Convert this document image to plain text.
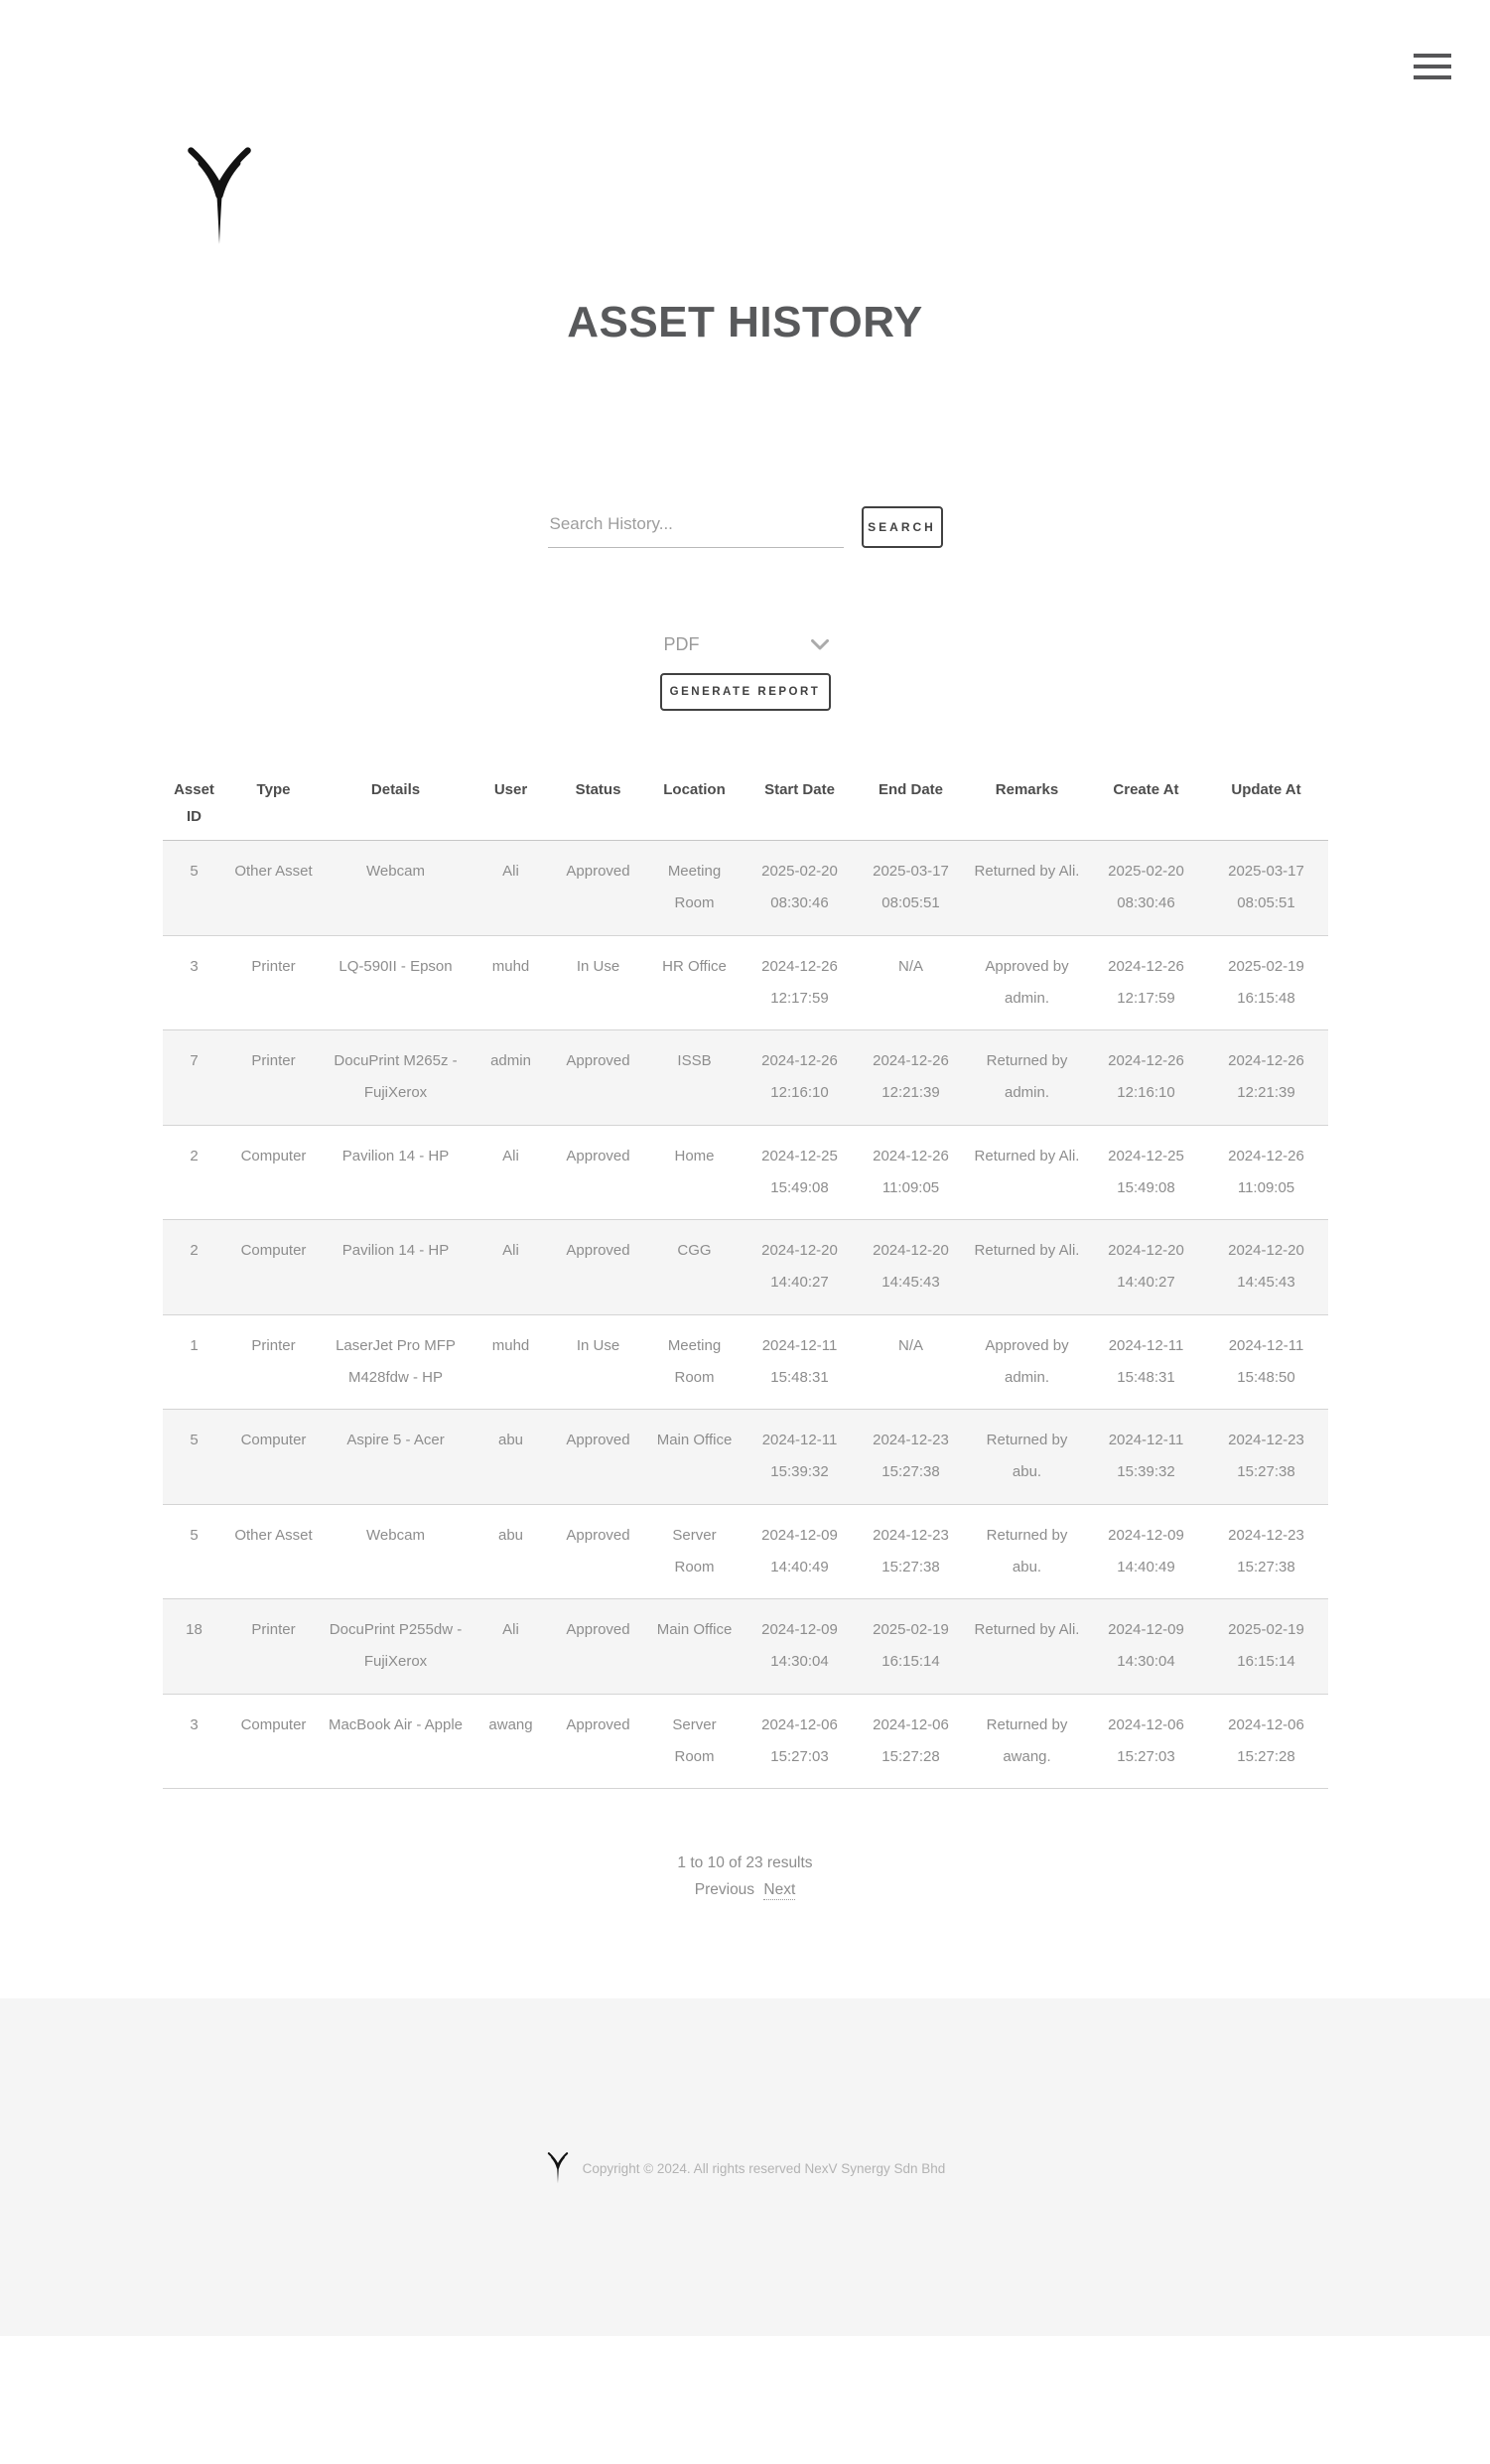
ASSET HISTORY
Search History...
SEARCH
PDF
GENERATE REPORT
Asset ID	Type	Details	User	Status	Location	Start Date	End Date	Remarks	Create At	Update At
5	Other Asset	Webcam	Ali	Approved	Meeting Room	2025-02-20 08:30:46	2025-03-17 08:05:51	Returned by Ali.	2025-02-20 08:30:46	2025-03-17 08:05:51
3	Printer	LQ-590II - Epson	muhd	In Use	HR Office	2024-12-26 12:17:59	N/A	Approved by admin.	2024-12-26 12:17:59	2025-02-19 16:15:48
7	Printer	DocuPrint M265z - FujiXerox	admin	Approved	ISSB	2024-12-26 12:16:10	2024-12-26 12:21:39	Returned by admin.	2024-12-26 12:16:10	2024-12-26 12:21:39
2	Computer	Pavilion 14 - HP	Ali	Approved	Home	2024-12-25 15:49:08	2024-12-26 11:09:05	Returned by Ali.	2024-12-25 15:49:08	2024-12-26 11:09:05
2	Computer	Pavilion 14 - HP	Ali	Approved	CGG	2024-12-20 14:40:27	2024-12-20 14:45:43	Returned by Ali.	2024-12-20 14:40:27	2024-12-20 14:45:43
1	Printer	LaserJet Pro MFP M428fdw - HP	muhd	In Use	Meeting Room	2024-12-11 15:48:31	N/A	Approved by admin.	2024-12-11 15:48:31	2024-12-11 15:48:50
5	Computer	Aspire 5 - Acer	abu	Approved	Main Office	2024-12-11 15:39:32	2024-12-23 15:27:38	Returned by abu.	2024-12-11 15:39:32	2024-12-23 15:27:38
5	Other Asset	Webcam	abu	Approved	Server Room	2024-12-09 14:40:49	2024-12-23 15:27:38	Returned by abu.	2024-12-09 14:40:49	2024-12-23 15:27:38
18	Printer	DocuPrint P255dw - FujiXerox	Ali	Approved	Main Office	2024-12-09 14:30:04	2025-02-19 16:15:14	Returned by Ali.	2024-12-09 14:30:04	2025-02-19 16:15:14
3	Computer	MacBook Air - Apple	awang	Approved	Server Room	2024-12-06 15:27:03	2024-12-06 15:27:28	Returned by awang.	2024-12-06 15:27:03	2024-12-06 15:27:28
1 to 10 of 23 results
Previous Next
Copyright © 2024. All rights reserved NexV Synergy Sdn Bhd
